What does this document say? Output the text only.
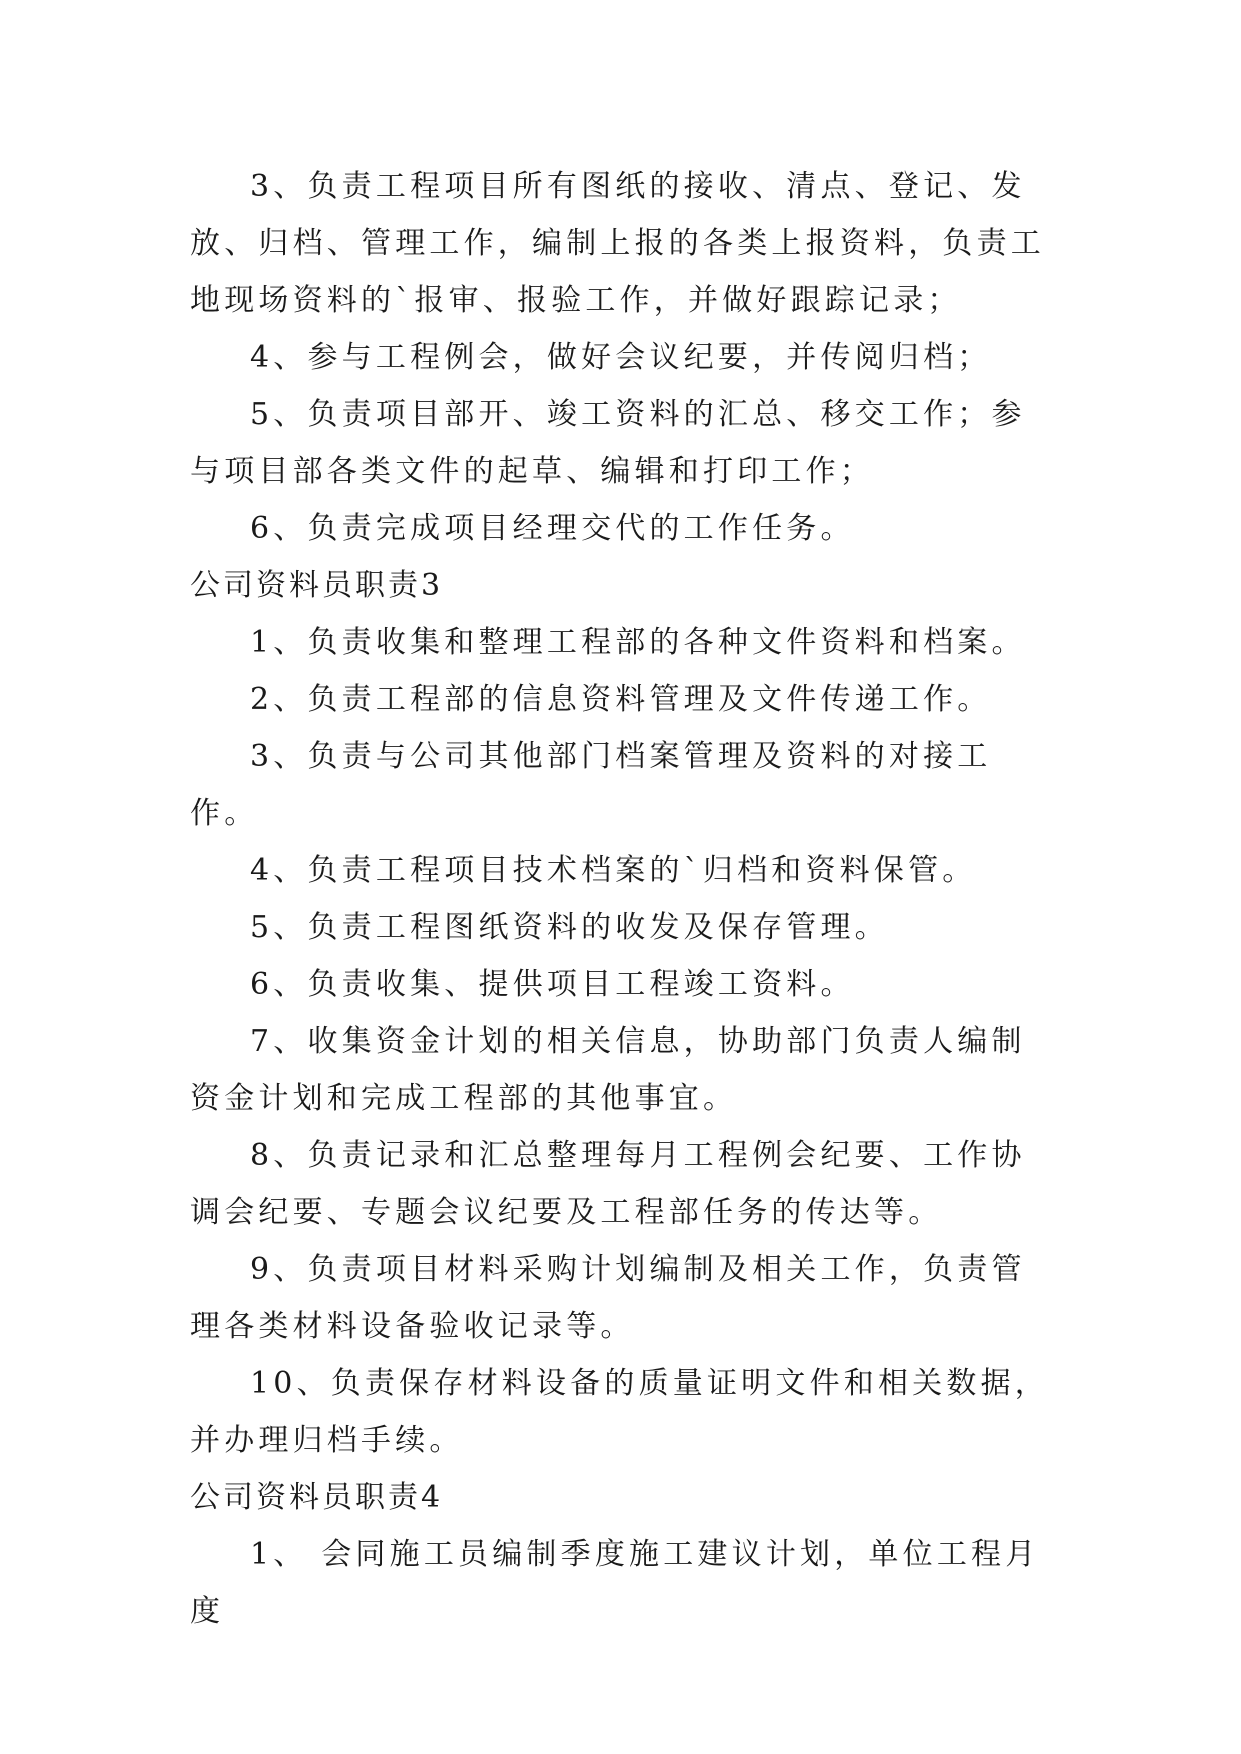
3、负责工程项目所有图纸的接收、清点、登记、发放、归档、管理工作，编制上报的各类上报资料，负责工地现场资料的`报审、报验工作，并做好跟踪记录；

4、参与工程例会，做好会议纪要，并传阅归档；

5、负责项目部开、竣工资料的汇总、移交工作；参与项目部各类文件的起草、编辑和打印工作；

6、负责完成项目经理交代的工作任务。

公司资料员职责3

1、负责收集和整理工程部的各种文件资料和档案。

2、负责工程部的信息资料管理及文件传递工作。

3、负责与公司其他部门档案管理及资料的对接工作。

4、负责工程项目技术档案的`归档和资料保管。

5、负责工程图纸资料的收发及保存管理。

6、负责收集、提供项目工程竣工资料。

7、收集资金计划的相关信息，协助部门负责人编制资金计划和完成工程部的其他事宜。

8、负责记录和汇总整理每月工程例会纪要、工作协调会纪要、专题会议纪要及工程部任务的传达等。

9、负责项目材料采购计划编制及相关工作，负责管理各类材料设备验收记录等。

10、负责保存材料设备的质量证明文件和相关数据，并办理归档手续。

公司资料员职责4

1、 会同施工员编制季度施工建议计划，单位工程月度
